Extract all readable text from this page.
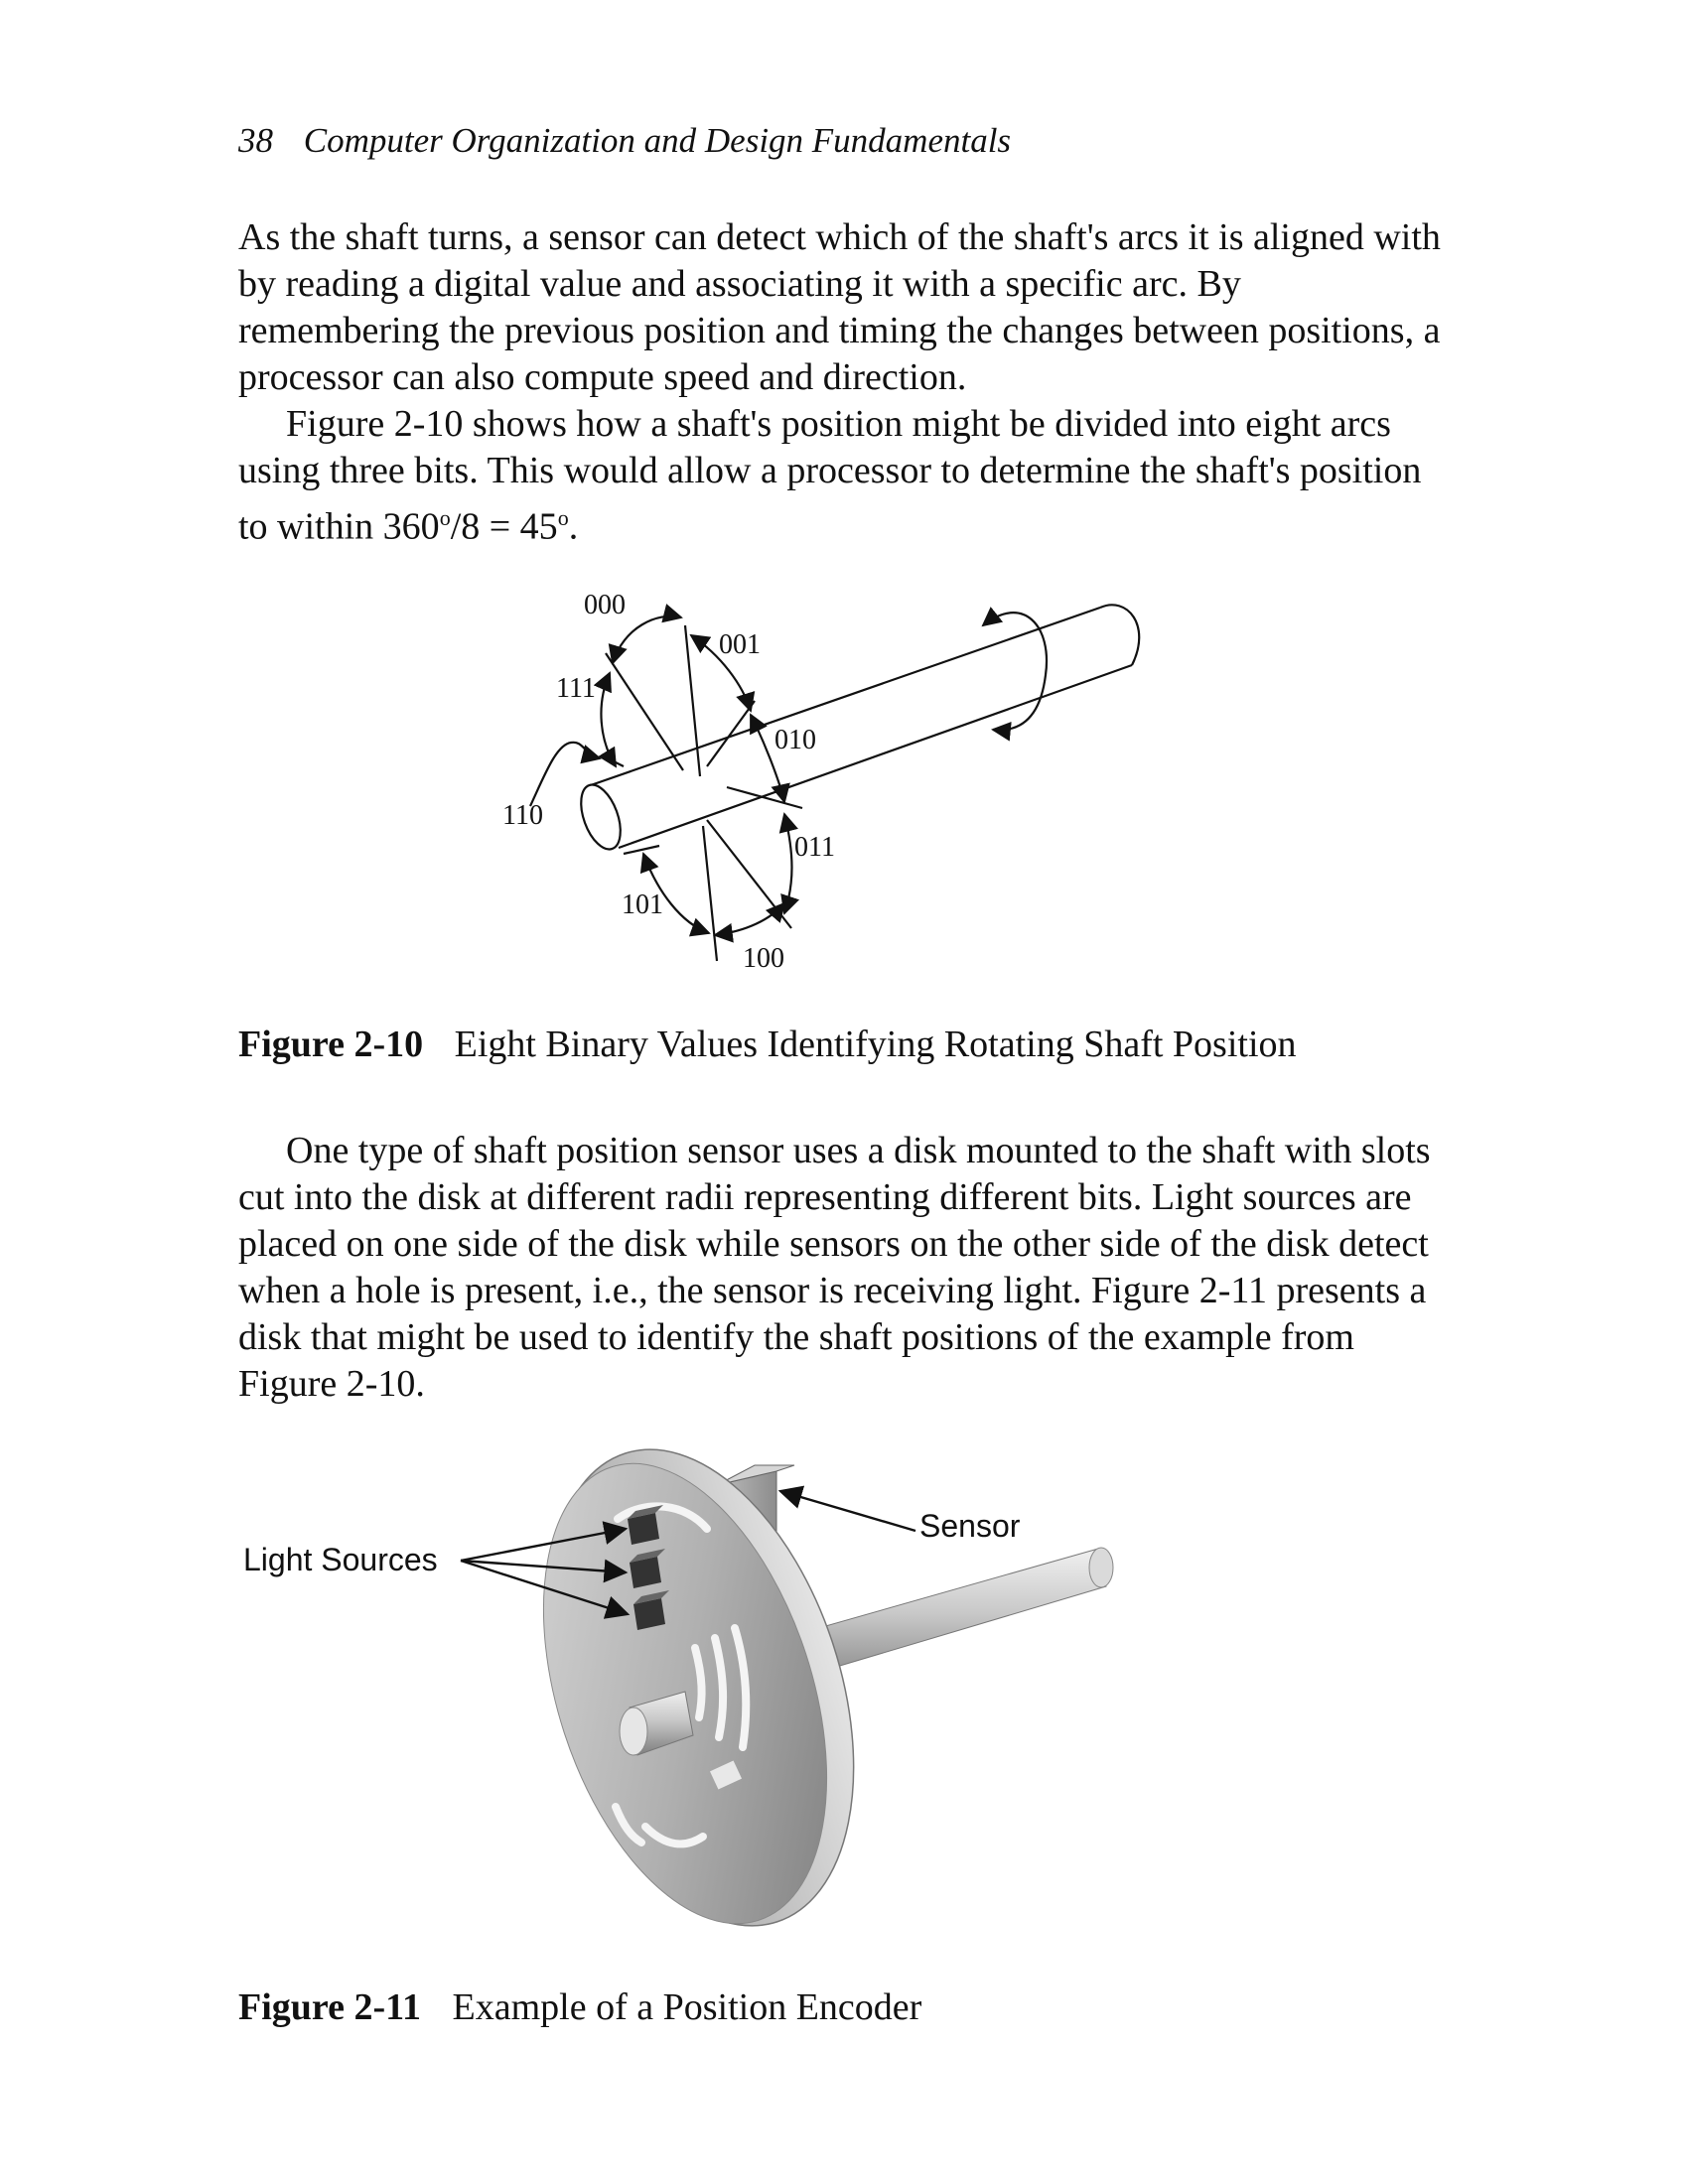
38 Computer Organization and Design Fundamentals

As the shaft turns, a sensor can detect which of the shaft's arcs it is aligned with by reading a digital value and associating it with a specific arc. By remembering the previous position and timing the changes between positions, a processor can also compute speed and direction.

Figure 2-10 shows how a shaft's position might be divided into eight arcs using three bits. This would allow a processor to determine the shaft's position to within $360^o/8 = 45^o$.

000
001
010
011
100
101
110
111
Figure 2-10 Eight Binary Values Identifying Rotating Shaft Position

One type of shaft position sensor uses a disk mounted to the shaft with slots cut into the disk at different radii representing different bits. Light sources are placed on one side of the disk while sensors on the other side of the disk detect when a hole is present, i.e., the sensor is receiving light. Figure 2-11 presents a disk that might be used to identify the shaft positions of the example from Figure 2-10.

Light Sources
Sensor
Figure 2-11 Example of a Position Encoder
